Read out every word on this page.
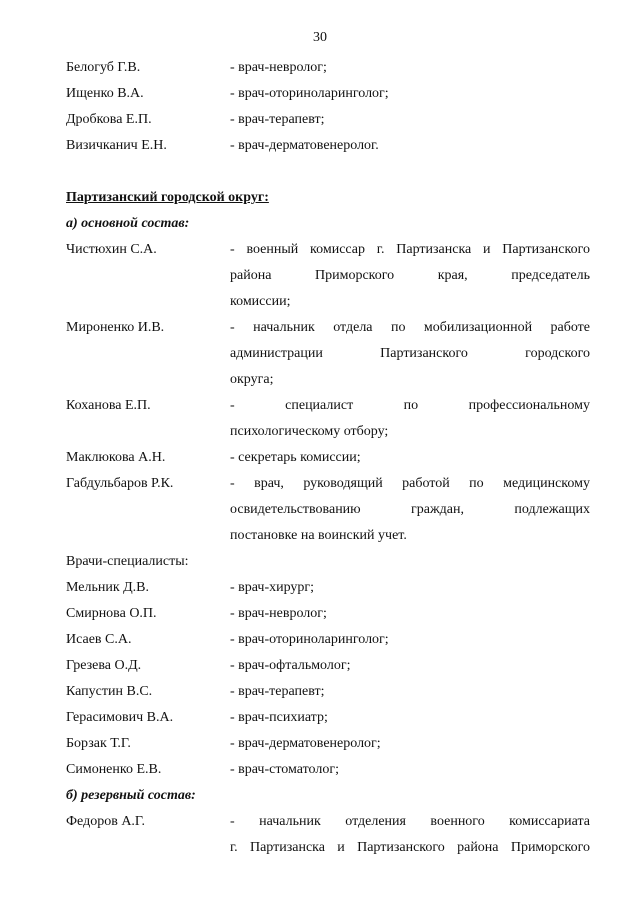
30
Белогуб Г.В.	- врач-невролог;
Ищенко В.А.	- врач-оториноларинголог;
Дробкова Е.П.	- врач-терапевт;
Визичканич Е.Н.	- врач-дерматовенеролог.
Партизанский городской округ:
а) основной состав:
Чистюхин С.А.	- военный комиссар г. Партизанска и Партизанского
района Приморского края, председатель
комиссии;
Мироненко И.В.	- начальник отдела по мобилизационной работе
администрации Партизанского городского
округа;
Коханова Е.П.	- специалист по профессиональному
психологическому отбору;
Маклюкова А.Н.	- секретарь комиссии;
Габдульбаров Р.К.	- врач, руководящий работой по медицинскому
освидетельствованию граждан, подлежащих
постановке на воинский учет.
Врачи-специалисты:
Мельник Д.В.	- врач-хирург;
Смирнова О.П.	- врач-невролог;
Исаев С.А.	- врач-оториноларинголог;
Грезева О.Д.	- врач-офтальмолог;
Капустин В.С.	- врач-терапевт;
Герасимович В.А.	- врач-психиатр;
Борзак Т.Г.	- врач-дерматовенеролог;
Симоненко Е.В.	- врач-стоматолог;
б) резервный состав:
Федоров А.Г.	- начальник отделения военного комиссариата
г. Партизанска и Партизанского района Приморского
